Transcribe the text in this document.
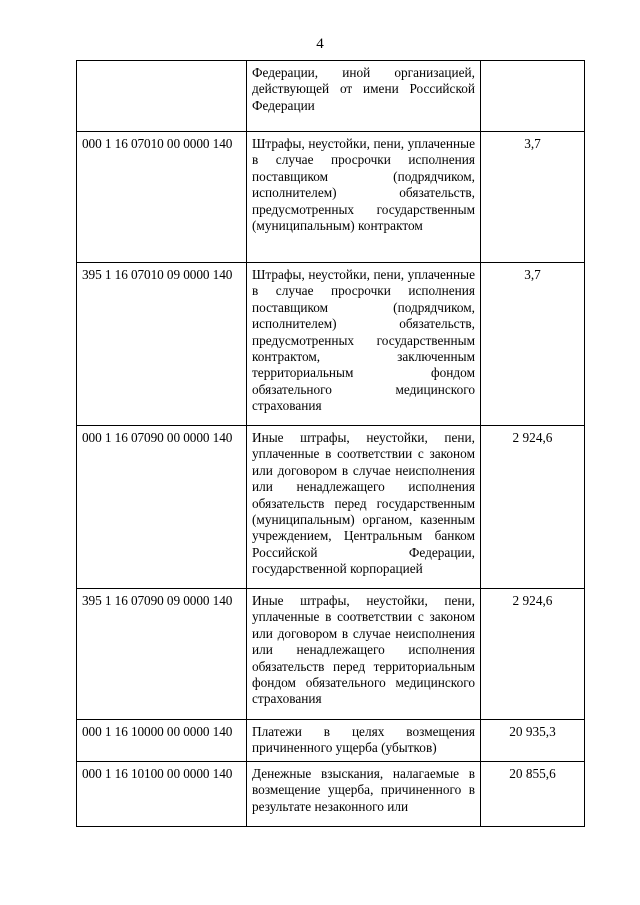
4
	Федерации, иной организацией, действующей от имени Российской Федерации	
000 1 16 07010 00 0000 140	Штрафы, неустойки, пени, уплаченные в случае просрочки исполнения поставщиком (подрядчиком, исполнителем) обязательств, предусмотренных государственным (муниципальным) контрактом	3,7
395 1 16 07010 09 0000 140	Штрафы, неустойки, пени, уплаченные в случае просрочки исполнения поставщиком (подрядчиком, исполнителем) обязательств, предусмотренных государственным контрактом, заключенным территориальным фондом обязательного медицинского страхования	3,7
000 1 16 07090 00 0000 140	Иные штрафы, неустойки, пени, уплаченные в соответствии с законом или договором в случае неисполнения или ненадлежащего исполнения обязательств перед государственным (муниципальным) органом, казенным учреждением, Центральным банком Российской Федерации, государственной корпорацией	2 924,6
395 1 16 07090 09 0000 140	Иные штрафы, неустойки, пени, уплаченные в соответствии с законом или договором в случае неисполнения или ненадлежащего исполнения обязательств перед территориальным фондом обязательного медицинского страхования	2 924,6
000 1 16 10000 00 0000 140	Платежи в целях возмещения причиненного ущерба (убытков)	20 935,3
000 1 16 10100 00 0000 140	Денежные взыскания, налагаемые в возмещение ущерба, причиненного в результате незаконного или	20 855,6
